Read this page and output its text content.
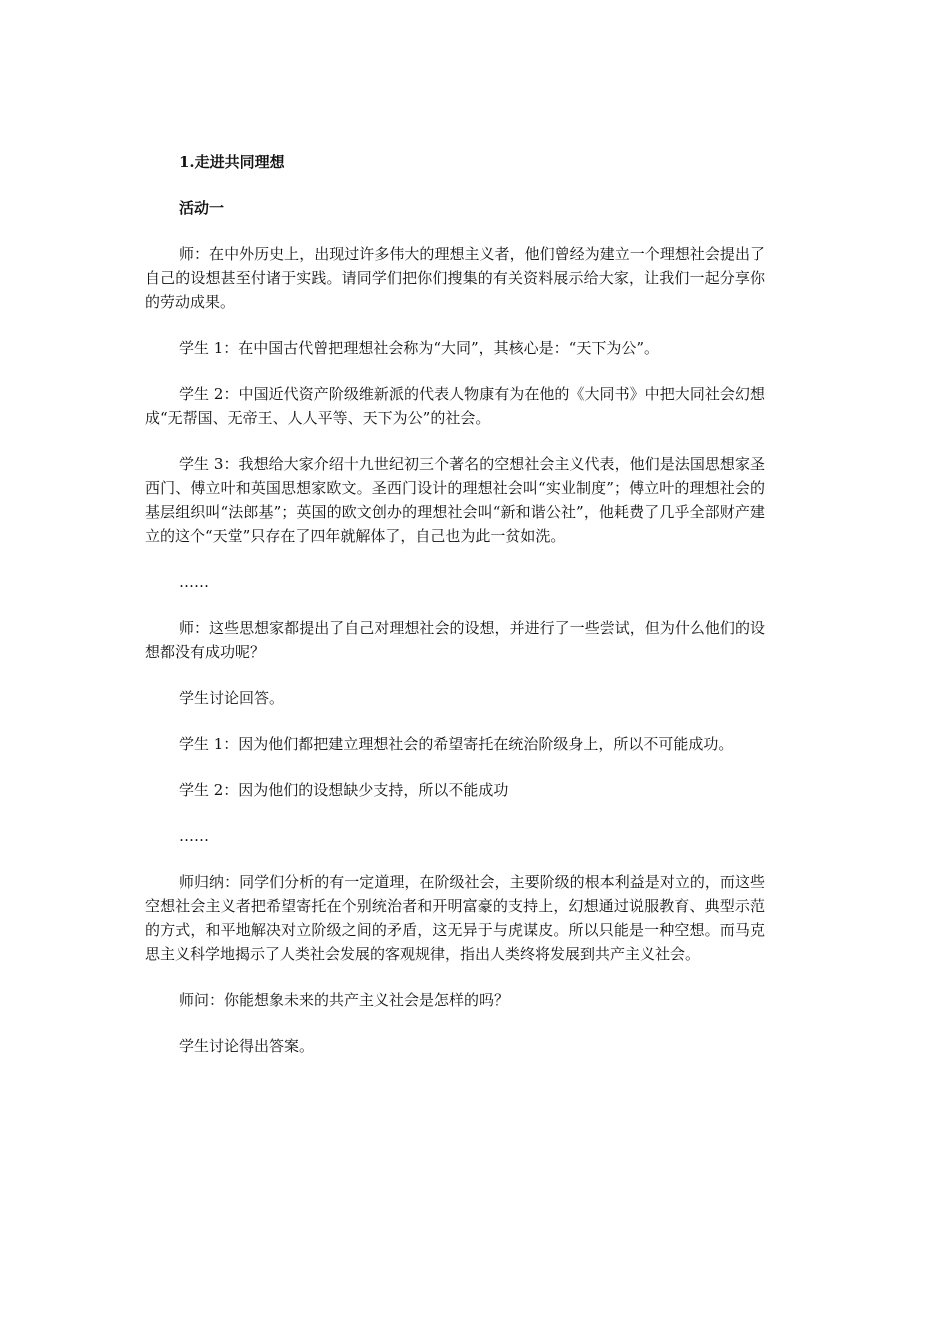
1.走进共同理想

活动一

师：在中外历史上，出现过许多伟大的理想主义者，他们曾经为建立一个理想社会提出了自己的设想甚至付诸于实践。请同学们把你们搜集的有关资料展示给大家，让我们一起分享你的劳动成果。

学生 1：在中国古代曾把理想社会称为“大同”，其核心是：“天下为公”。

学生 2：中国近代资产阶级维新派的代表人物康有为在他的《大同书》中把大同社会幻想成“无帮国、无帝王、人人平等、天下为公”的社会。

学生 3：我想给大家介绍十九世纪初三个著名的空想社会主义代表，他们是法国思想家圣西门、傅立叶和英国思想家欧文。圣西门设计的理想社会叫“实业制度”；傅立叶的理想社会的基层组织叫“法郎基”；英国的欧文创办的理想社会叫“新和谐公社”，他耗费了几乎全部财产建立的这个“天堂”只存在了四年就解体了，自己也为此一贫如洗。

……

师：这些思想家都提出了自己对理想社会的设想，并进行了一些尝试，但为什么他们的设想都没有成功呢？

学生讨论回答。

学生 1：因为他们都把建立理想社会的希望寄托在统治阶级身上，所以不可能成功。

学生 2：因为他们的设想缺少支持，所以不能成功

……

师归纳：同学们分析的有一定道理，在阶级社会，主要阶级的根本利益是对立的，而这些空想社会主义者把希望寄托在个别统治者和开明富豪的支持上，幻想通过说服教育、典型示范的方式，和平地解决对立阶级之间的矛盾，这无异于与虎谋皮。所以只能是一种空想。而马克思主义科学地揭示了人类社会发展的客观规律，指出人类终将发展到共产主义社会。

师问：你能想象未来的共产主义社会是怎样的吗？

学生讨论得出答案。
